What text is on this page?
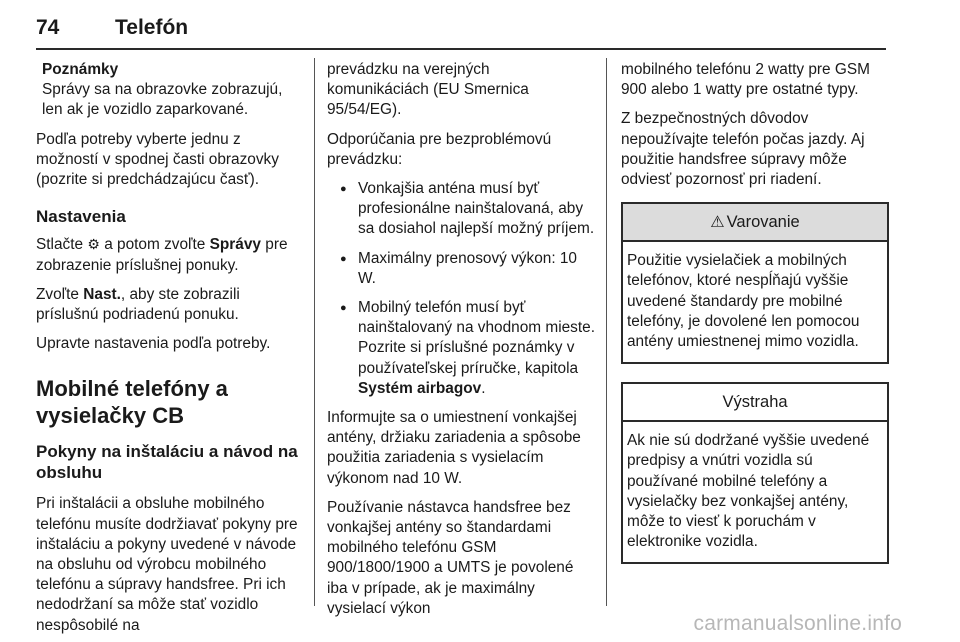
74	Telefón
Poznámky
Správy sa na obrazovke zobrazujú, len ak je vozidlo zaparkované.

Podľa potreby vyberte jednu z možností v spodnej časti obrazovky (pozrite si predchádzajúcu časť).

Nastavenia

Stlačte ⚙ a potom zvoľte Správy pre zobrazenie príslušnej ponuky.

Zvoľte Nast., aby ste zobrazili príslušnú podriadenú ponuku.

Upravte nastavenia podľa potreby.

Mobilné telefóny a vysielačky CB
Pokyny na inštaláciu a návod na obsluhu

Pri inštalácii a obsluhe mobilného telefónu musíte dodržiavať pokyny pre inštaláciu a pokyny uvedené v návode na obsluhu od výrobcu mobilného telefónu a súpravy handsfree. Pri ich nedodržaní sa môže stať vozidlo nespôsobilé na

prevádzku na verejných komunikáciách (EU Smernica 95/54/EG).

Odporúčania pre bezproblémovú prevádzku:

● Vonkajšia anténa musí byť profesionálne nainštalovaná, aby sa dosiahol najlepší možný príjem.
● Maximálny prenosový výkon: 10 W.
● Mobilný telefón musí byť nainštalovaný na vhodnom mieste. Pozrite si príslušné poznámky v používateľskej príručke, kapitola Systém airbagov.

Informujte sa o umiestnení vonkajšej antény, držiaku zariadenia a spôsobe použitia zariadenia s vysielacím výkonom nad 10 W.

Používanie nástavca handsfree bez vonkajšej antény so štandardami mobilného telefónu GSM 900/1800/1900 a UMTS je povolené iba v prípade, ak je maximálny vysielací výkon

mobilného telefónu 2 watty pre GSM 900 alebo 1 watty pre ostatné typy.

Z bezpečnostných dôvodov nepoužívajte telefón počas jazdy. Aj použitie handsfree súpravy môže odviesť pozornosť pri riadení.

⚠ Varovanie
Použitie vysielačiek a mobilných telefónov, ktoré nespĺňajú vyššie uvedené štandardy pre mobilné telefóny, je dovolené len pomocou antény umiestnenej mimo vozidla.
Výstraha
Ak nie sú dodržané vyššie uvedené predpisy a vnútri vozidla sú používané mobilné telefóny a vysielačky bez vonkajšej antény, môže to viesť k poruchám v elektronike vozidla.
carmanualsonline.info
